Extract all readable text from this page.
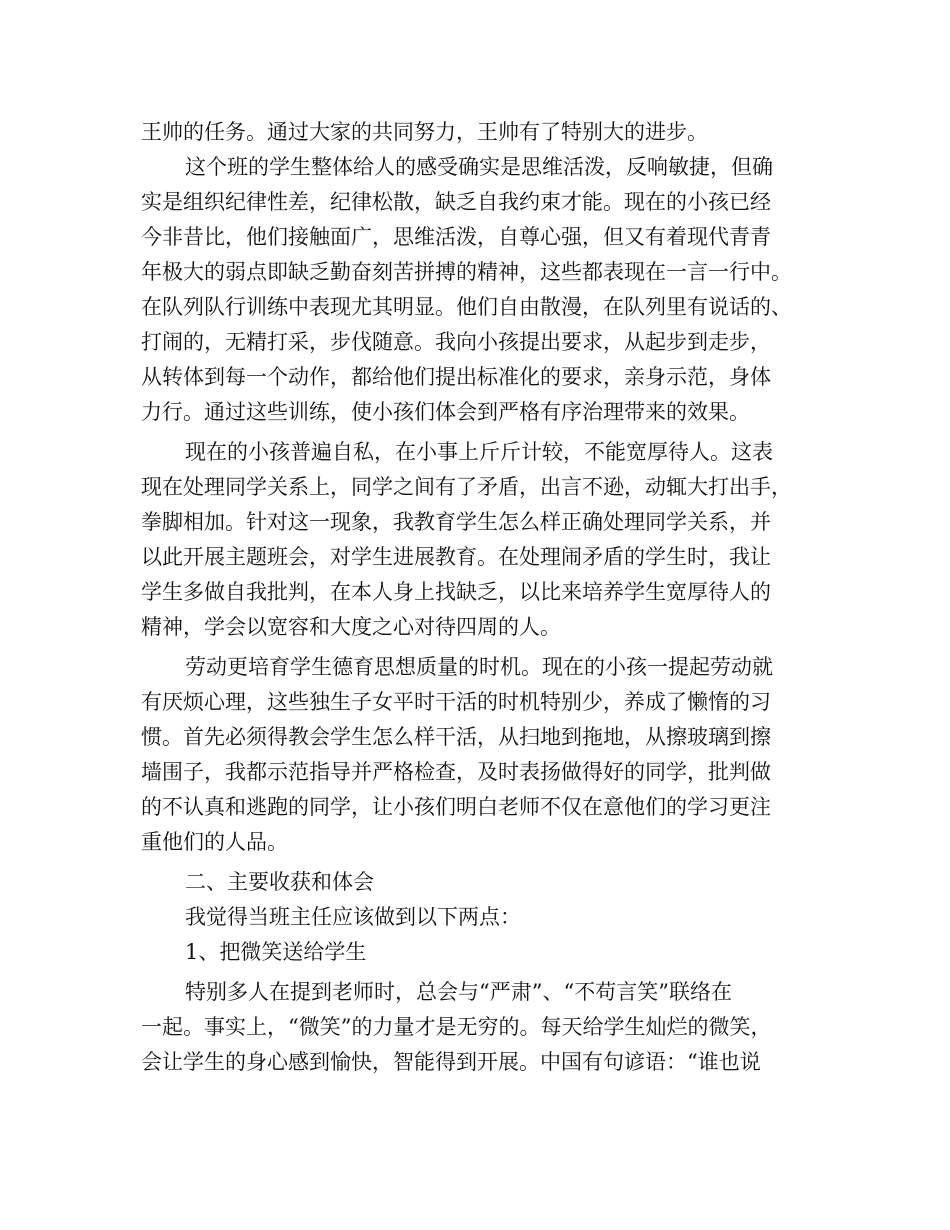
王帅的任务。通过大家的共同努力，王帅有了特别大的进步。
这个班的学生整体给人的感受确实是思维活泼，反响敏捷，但确
实是组织纪律性差，纪律松散，缺乏自我约束才能。现在的小孩已经
今非昔比，他们接触面广，思维活泼，自尊心强，但又有着现代青青
年极大的弱点即缺乏勤奋刻苦拼搏的精神，这些都表现在一言一行中。
在队列队行训练中表现尤其明显。他们自由散漫，在队列里有说话的、
打闹的，无精打采，步伐随意。我向小孩提出要求，从起步到走步，
从转体到每一个动作，都给他们提出标准化的要求，亲身示范，身体
力行。通过这些训练，使小孩们体会到严格有序治理带来的效果。
现在的小孩普遍自私，在小事上斤斤计较，不能宽厚待人。这表
现在处理同学关系上，同学之间有了矛盾，出言不逊，动辄大打出手，
拳脚相加。针对这一现象，我教育学生怎么样正确处理同学关系，并
以此开展主题班会，对学生进展教育。在处理闹矛盾的学生时，我让
学生多做自我批判，在本人身上找缺乏，以比来培养学生宽厚待人的
精神，学会以宽容和大度之心对待四周的人。
劳动更培育学生德育思想质量的时机。现在的小孩一提起劳动就
有厌烦心理，这些独生子女平时干活的时机特别少，养成了懒惰的习
惯。首先必须得教会学生怎么样干活，从扫地到拖地，从擦玻璃到擦
墙围子，我都示范指导并严格检查，及时表扬做得好的同学，批判做
的不认真和逃跑的同学，让小孩们明白老师不仅在意他们的学习更注
重他们的人品。
二、主要收获和体会
我觉得当班主任应该做到以下两点：
1、把微笑送给学生
特别多人在提到老师时，总会与“严肃”、“不苟言笑”联络在
一起。事实上，“微笑”的力量才是无穷的。每天给学生灿烂的微笑，
会让学生的身心感到愉快，智能得到开展。中国有句谚语：“谁也说
